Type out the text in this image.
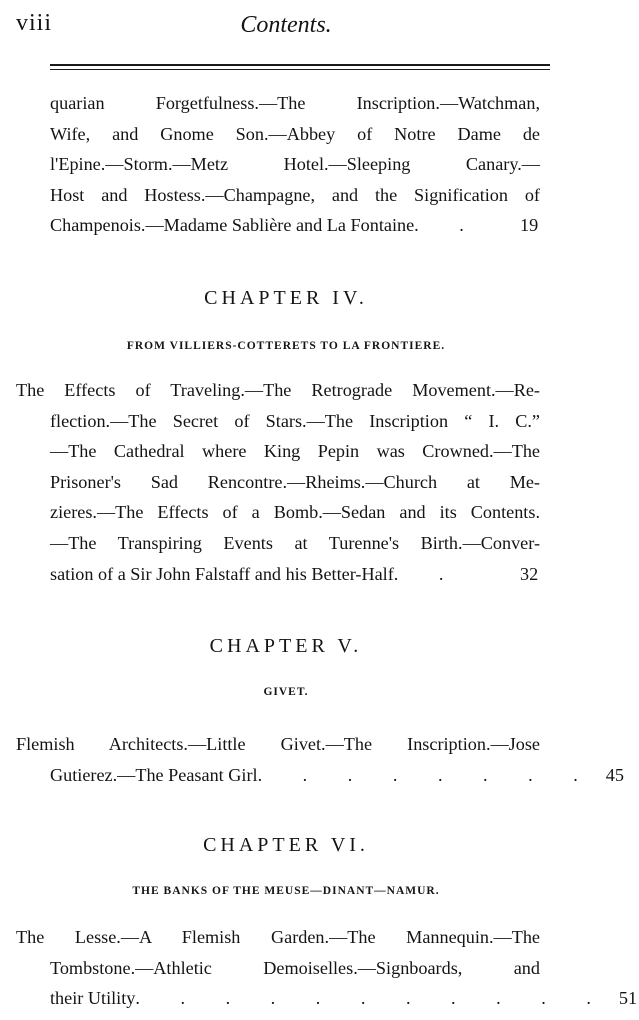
viii	Contents.
quarian Forgetfulness.—The Inscription.—Watchman,
Wife, and Gnome Son.—Abbey of Notre Dame de
l'Epine.—Storm.—Metz Hotel.—Sleeping Canary.—
Host and Hostess.—Champagne, and the Signification of
Champenois.—Madame Sablière and La Fontaine . .	19
CHAPTER IV.
FROM VILLIERS-COTTERETS TO LA FRONTIERE.
The Effects of Traveling.—The Retrograde Movement.—Re-
flection.—The Secret of Stars.—The Inscription “ I. C.”
—The Cathedral where King Pepin was Crowned.—The
Prisoner's Sad Rencontre.—Rheims.—Church at Me-
zieres.—The Effects of a Bomb.—Sedan and its Contents.
—The Transpiring Events at Turenne's Birth.—Conver-
sation of a Sir John Falstaff and his Better-Half . .	32
CHAPTER V.
GIVET.
Flemish Architects.—Little Givet.—The Inscription.—Jose
Gutierez.—The Peasant Girl . . . . . . . . 45
CHAPTER VI.
THE BANKS OF THE MEUSE—DINANT—NAMUR.
The Lesse.—A Flemish Garden.—The Mannequin.—The
Tombstone.—Athletic Demoiselles.—Signboards, and
their Utility . . . . . . . . . . . 51
